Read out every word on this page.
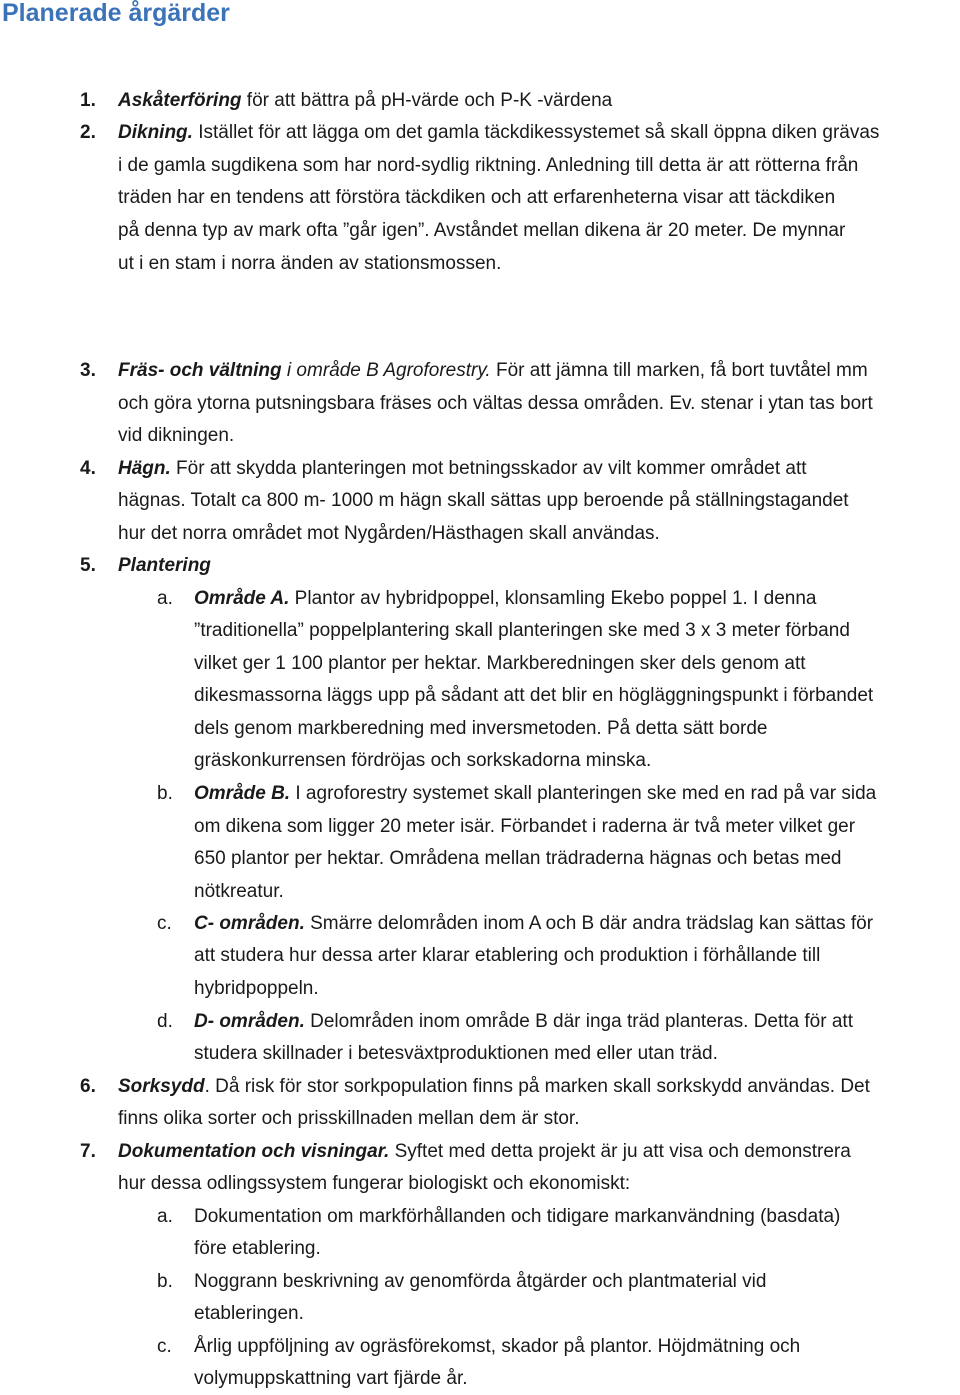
Planerade årgärder
1. Askåterföring för att bättra på pH-värde och P-K -värdena
2. Dikning. Istället för att lägga om det gamla täckdikessystemet så skall öppna diken grävas
i de gamla sugdikena som har nord-sydlig riktning. Anledning till detta är att rötterna från
träden har en tendens att förstöra täckdiken och att erfarenheterna visar att täckdiken
på denna typ av mark ofta ”går igen”. Avståndet mellan dikena är 20 meter. De mynnar
ut i en stam i norra änden av stationsmossen.
3. Fräs- och vältning i område B Agroforestry. För att jämna till marken, få bort tuvtåtel mm
och göra ytorna putsningsbara fräses och vältas dessa områden. Ev. stenar i ytan tas bort
vid dikningen.
4. Hägn. För att skydda planteringen mot betningsskador av vilt kommer området att
hägnas. Totalt ca 800 m- 1000 m hägn skall sättas upp beroende på ställningstagandet
hur det norra området mot Nygården/Hästhagen skall användas.
5. Plantering
a. Område A. Plantor av hybridpoppel, klonsamling Ekebo poppel 1. I denna
”traditionella” poppelplantering skall planteringen ske med 3 x 3 meter förband
vilket ger 1 100 plantor per hektar. Markberedningen sker dels genom att
dikesmassorna läggs upp på sådant att det blir en högläggningspunkt i förbandet
dels genom markberedning med inversmetoden. På detta sätt borde
gräskonkurrensen fördröjas och sorkskadorna minska.
b. Område B. I agroforestry systemet skall planteringen ske med en rad på var sida
om dikena som ligger 20 meter isär. Förbandet i raderna är två meter vilket ger
650 plantor per hektar. Områdena mellan trädraderna hägnas och betas med
nötkreatur.
c. C- områden. Smärre delområden inom A och B där andra trädslag kan sättas för
att studera hur dessa arter klarar etablering och produktion i förhållande till
hybridpoppeln.
d. D- områden. Delområden inom område B där inga träd planteras. Detta för att
studera skillnader i betesväxtproduktionen med eller utan träd.
6. Sorksydd. Då risk för stor sorkpopulation finns på marken skall sorkskydd användas. Det
finns olika sorter och prisskillnaden mellan dem är stor.
7. Dokumentation och visningar. Syftet med detta projekt är ju att visa och demonstrera
hur dessa odlingssystem fungerar biologiskt och ekonomiskt:
a. Dokumentation om markförhållanden och tidigare markanvändning (basdata)
före etablering.
b. Noggrann beskrivning av genomförda åtgärder och plantmaterial vid
etableringen.
c. Årlig uppföljning av ogräsförekomst, skador på plantor. Höjdmätning och
volymuppskattning vart fjärde år.
